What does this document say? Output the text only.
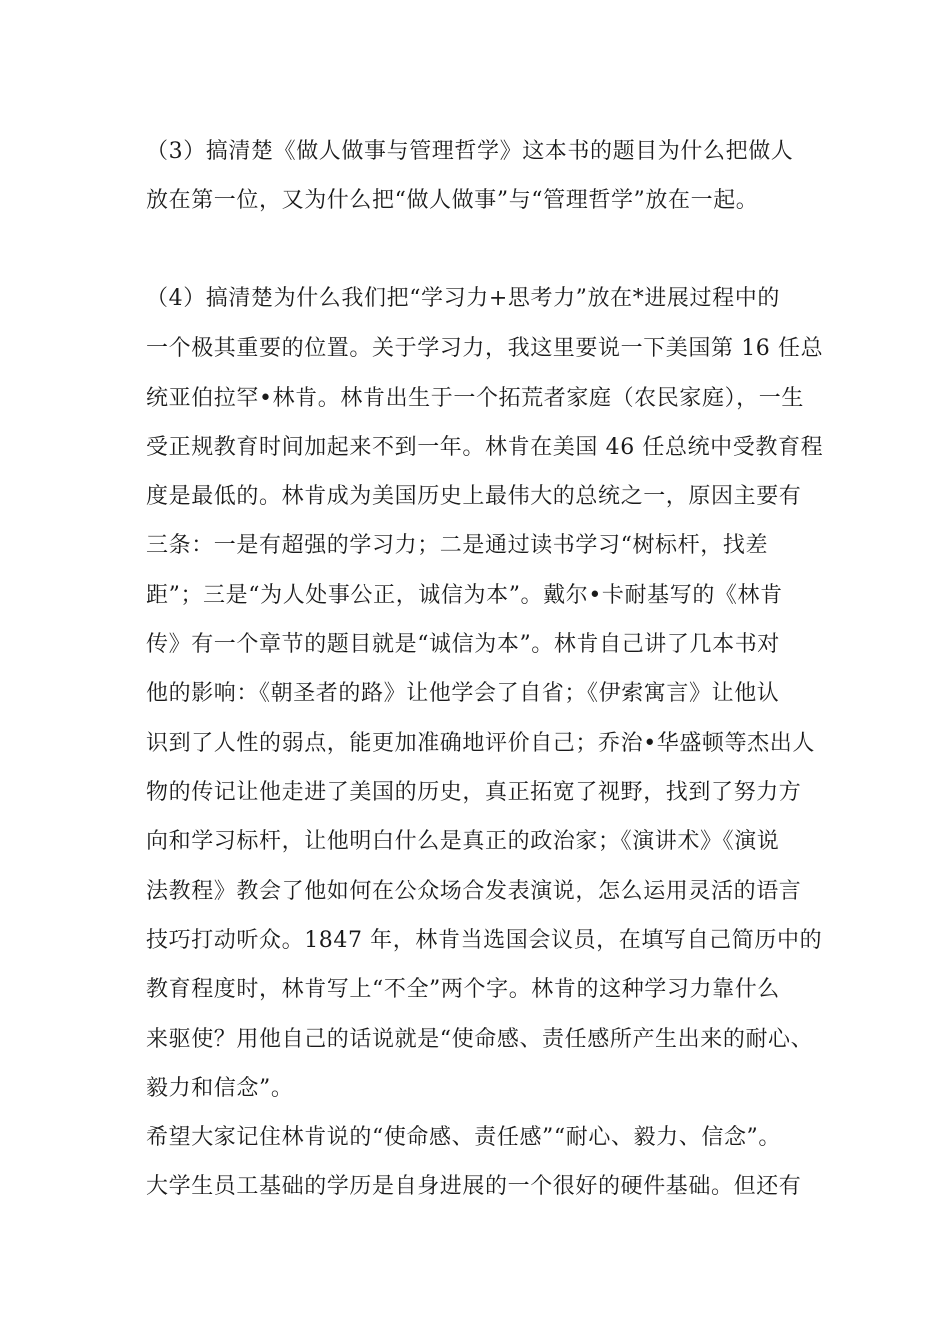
（3）搞清楚《做人做事与管理哲学》这本书的题目为什么把做人
放在第一位，又为什么把“做人做事”与“管理哲学”放在一起。
（4）搞清楚为什么我们把“学习力+思考力”放在*进展过程中的
一个极其重要的位置。关于学习力，我这里要说一下美国第 16 任总
统亚伯拉罕•林肯。林肯出生于一个拓荒者家庭（农民家庭），一生
受正规教育时间加起来不到一年。林肯在美国 46 任总统中受教育程
度是最低的。林肯成为美国历史上最伟大的总统之一，原因主要有
三条：一是有超强的学习力；二是通过读书学习“树标杆，找差
距”；三是“为人处事公正，诚信为本”。戴尔•卡耐基写的《林肯
传》有一个章节的题目就是“诚信为本”。林肯自己讲了几本书对
他的影响：《朝圣者的路》让他学会了自省；《伊索寓言》让他认
识到了人性的弱点，能更加准确地评价自己；乔治•华盛顿等杰出人
物的传记让他走进了美国的历史，真正拓宽了视野，找到了努力方
向和学习标杆，让他明白什么是真正的政治家；《演讲术》《演说
法教程》教会了他如何在公众场合发表演说，怎么运用灵活的语言
技巧打动听众。1847 年，林肯当选国会议员，在填写自己简历中的
教育程度时，林肯写上“不全”两个字。林肯的这种学习力靠什么
来驱使？用他自己的话说就是“使命感、责任感所产生出来的耐心、
毅力和信念”。
希望大家记住林肯说的“使命感、责任感”“耐心、毅力、信念”。
大学生员工基础的学历是自身进展的一个很好的硬件基础。但还有
